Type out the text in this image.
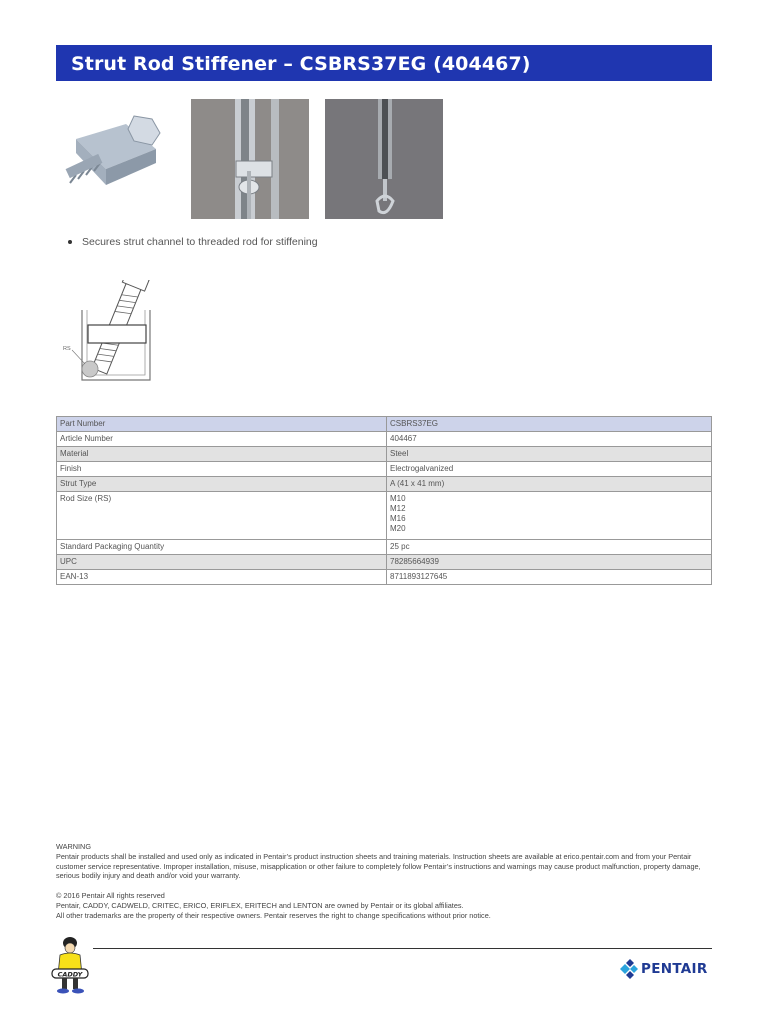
Strut Rod Stiffener – CSBRS37EG (404467)
Secures strut channel to threaded rod for stiffening
RS
Part Number	CSBRS37EG
Article Number	404467
Material	Steel
Finish	Electrogalvanized
Strut Type	A (41 x 41 mm)
Rod Size (RS)	M10
M12
M16
M20

Standard Packaging Quantity	25 pc
UPC	78285664939
EAN-13	8711893127645

WARNING

Pentair products shall be installed and used only as indicated in Pentair’s product instruction sheets and training materials. Instruction sheets are available at erico.pentair.com and from your Pentair customer service representative. Improper installation, misuse, misapplication or other failure to completely follow Pentair’s instructions and warnings may cause product malfunction, property damage, serious bodily injury and death and/or void your warranty.

© 2016 Pentair All rights reserved

Pentair, CADDY, CADWELD, CRITEC, ERICO, ERIFLEX, ERITECH and LENTON are owned by Pentair or its global affiliates.

All other trademarks are the property of their respective owners. Pentair reserves the right to change specifications without prior notice.

CADDY	PENTAIR
